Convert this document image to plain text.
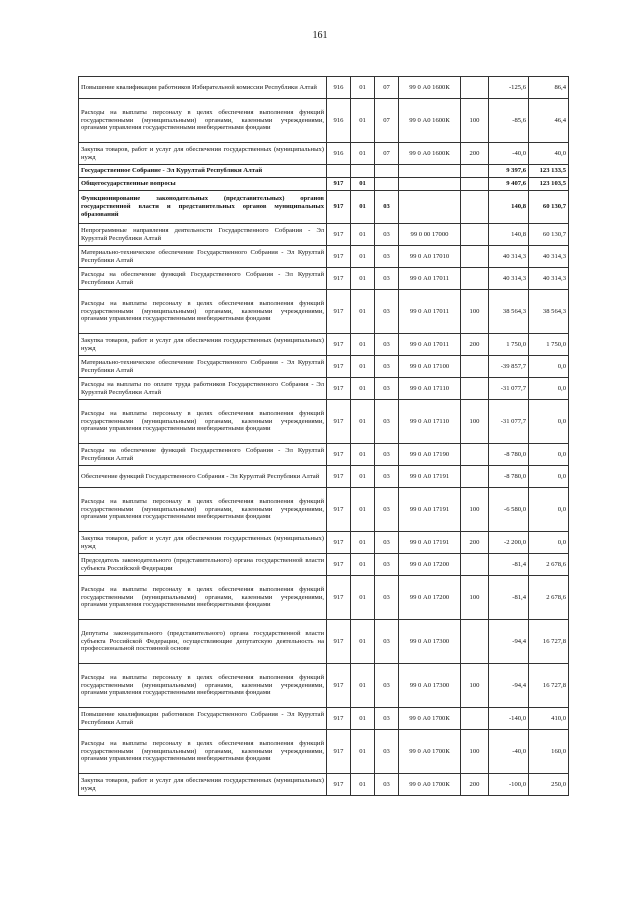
161
Повышение квалификации работников Избирательной комиссии Республики Алтай	916	01	07	99 0 А0 1600К		-125,6	86,4
Расходы на выплаты персоналу в целях обеспечения выполнения функций государственными (муниципальными) органами, казенными учреждениями, органами управления государственными внебюджетными фондами	916	01	07	99 0 А0 1600К	100	-85,6	46,4
Закупка товаров, работ и услуг для обеспечения государственных (муниципальных) нужд	916	01	07	99 0 А0 1600К	200	-40,0	40,0
Государственное Собрание - Эл Курултай Республики Алтай						9 397,6	123 133,5
Общегосударственные вопросы	917	01				9 407,6	123 103,5
Функционирование законодательных (представительных) органов государственной власти и представительных органов муниципальных образований	917	01	03			140,8	60 130,7
Непрограммные направления деятельности Государственного Собрания - Эл Курултай Республики Алтай	917	01	03	99 0 00 17000		140,8	60 130,7
Материально-техническое обеспечение Государственного Собрания - Эл Курултай Республики Алтай	917	01	03	99 0 А0 17010		40 314,3	40 314,3
Расходы на обеспечение функций Государственного Собрания - Эл Курултай Республики Алтай	917	01	03	99 0 А0 17011		40 314,3	40 314,3
Расходы на выплаты персоналу в целях обеспечения выполнения функций государственными (муниципальными) органами, казенными учреждениями, органами управления государственными внебюджетными фондами	917	01	03	99 0 А0 17011	100	38 564,3	38 564,3
Закупка товаров, работ и услуг для обеспечения государственных (муниципальных) нужд	917	01	03	99 0 А0 17011	200	1 750,0	1 750,0
Материально-техническое обеспечение Государственного Собрания - Эл Курултай Республики Алтай	917	01	03	99 0 А0 17100		-39 857,7	0,0
Расходы на выплаты по оплате труда работников Государственного Собрания - Эл Курултай Республики Алтай	917	01	03	99 0 А0 17110		-31 077,7	0,0
Расходы на выплаты персоналу в целях обеспечения выполнения функций государственными (муниципальными) органами, казенными учреждениями, органами управления государственными внебюджетными фондами	917	01	03	99 0 А0 17110	100	-31 077,7	0,0
Расходы на обеспечение функций Государственного Собрания - Эл Курултай Республики Алтай	917	01	03	99 0 А0 17190		-8 780,0	0,0
Обеспечение функций Государственного Собрания - Эл Курултай Республики Алтай	917	01	03	99 0 А0 17191		-8 780,0	0,0
Расходы на выплаты персоналу в целях обеспечения выполнения функций государственными (муниципальными) органами, казенными учреждениями, органами управления государственными внебюджетными фондами	917	01	03	99 0 А0 17191	100	-6 580,0	0,0
Закупка товаров, работ и услуг для обеспечения государственных (муниципальных) нужд	917	01	03	99 0 А0 17191	200	-2 200,0	0,0
Председатель законодательного (представительного) органа государственной власти субъекта Российской Федерации	917	01	03	99 0 А0 17200		-81,4	2 678,6
Расходы на выплаты персоналу в целях обеспечения выполнения функций государственными (муниципальными) органами, казенными учреждениями, органами управления государственными внебюджетными фондами	917	01	03	99 0 А0 17200	100	-81,4	2 678,6
Депутаты законодательного (представительного) органа государственной власти субъекта Российской Федерации, осуществляющие депутатскую деятельность на профессиональной постоянной основе	917	01	03	99 0 А0 17300		-94,4	16 727,8
Расходы на выплаты персоналу в целях обеспечения выполнения функций государственными (муниципальными) органами, казенными учреждениями, органами управления государственными внебюджетными фондами	917	01	03	99 0 А0 17300	100	-94,4	16 727,8
Повышение квалификации работников Государственного Собрания - Эл Курултай Республики Алтай	917	01	03	99 0 А0 1700К		-140,0	410,0
Расходы на выплаты персоналу в целях обеспечения выполнения функций государственными (муниципальными) органами, казенными учреждениями, органами управления государственными внебюджетными фондами	917	01	03	99 0 А0 1700К	100	-40,0	160,0
Закупка товаров, работ и услуг для обеспечения государственных (муниципальных) нужд	917	01	03	99 0 А0 1700К	200	-100,0	250,0
